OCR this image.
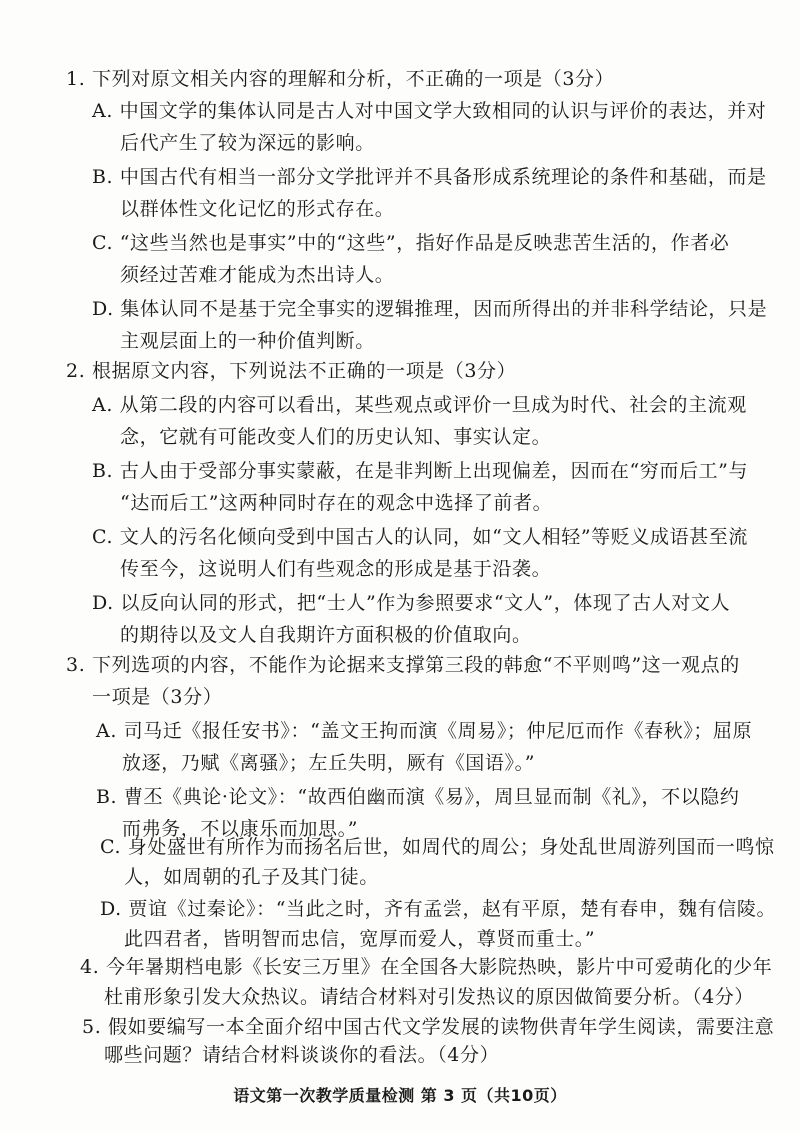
1. 下列对原文相关内容的理解和分析，不正确的一项是（3分）
A. 中国文学的集体认同是古人对中国文学大致相同的认识与评价的表达，并对
后代产生了较为深远的影响。
B. 中国古代有相当一部分文学批评并不具备形成系统理论的条件和基础，而是
以群体性文化记忆的形式存在。
C. “这些当然也是事实”中的“这些”，指好作品是反映悲苦生活的，作者必
须经过苦难才能成为杰出诗人。
D. 集体认同不是基于完全事实的逻辑推理，因而所得出的并非科学结论，只是
主观层面上的一种价值判断。
2. 根据原文内容，下列说法不正确的一项是（3分）
A. 从第二段的内容可以看出，某些观点或评价一旦成为时代、社会的主流观
念，它就有可能改变人们的历史认知、事实认定。
B. 古人由于受部分事实蒙蔽，在是非判断上出现偏差，因而在“穷而后工”与
“达而后工”这两种同时存在的观念中选择了前者。
C. 文人的污名化倾向受到中国古人的认同，如“文人相轻”等贬义成语甚至流
传至今，这说明人们有些观念的形成是基于沿袭。
D. 以反向认同的形式，把“士人”作为参照要求“文人”，体现了古人对文人
的期待以及文人自我期许方面积极的价值取向。
3. 下列选项的内容，不能作为论据来支撑第三段的韩愈“不平则鸣”这一观点的
一项是（3分）
A. 司马迁《报任安书》：“盖文王拘而演《周易》；仲尼厄而作《春秋》；屈原
放逐，乃赋《离骚》；左丘失明，厥有《国语》。”
B. 曹丕《典论·论文》：“故西伯幽而演《易》，周旦显而制《礼》，不以隐约
而弗务，不以康乐而加思。”
C. 身处盛世有所作为而扬名后世，如周代的周公；身处乱世周游列国而一鸣惊
人，如周朝的孔子及其门徒。
D. 贾谊《过秦论》：“当此之时，齐有孟尝，赵有平原，楚有春申，魏有信陵。
此四君者，皆明智而忠信，宽厚而爱人，尊贤而重士。”
4. 今年暑期档电影《长安三万里》在全国各大影院热映，影片中可爱萌化的少年
杜甫形象引发大众热议。请结合材料对引发热议的原因做简要分析。（4分）
5. 假如要编写一本全面介绍中国古代文学发展的读物供青年学生阅读，需要注意
语文第一次教学质量检测 第 3 页（共10页）
哪些问题？请结合材料谈谈你的看法。（4分）
